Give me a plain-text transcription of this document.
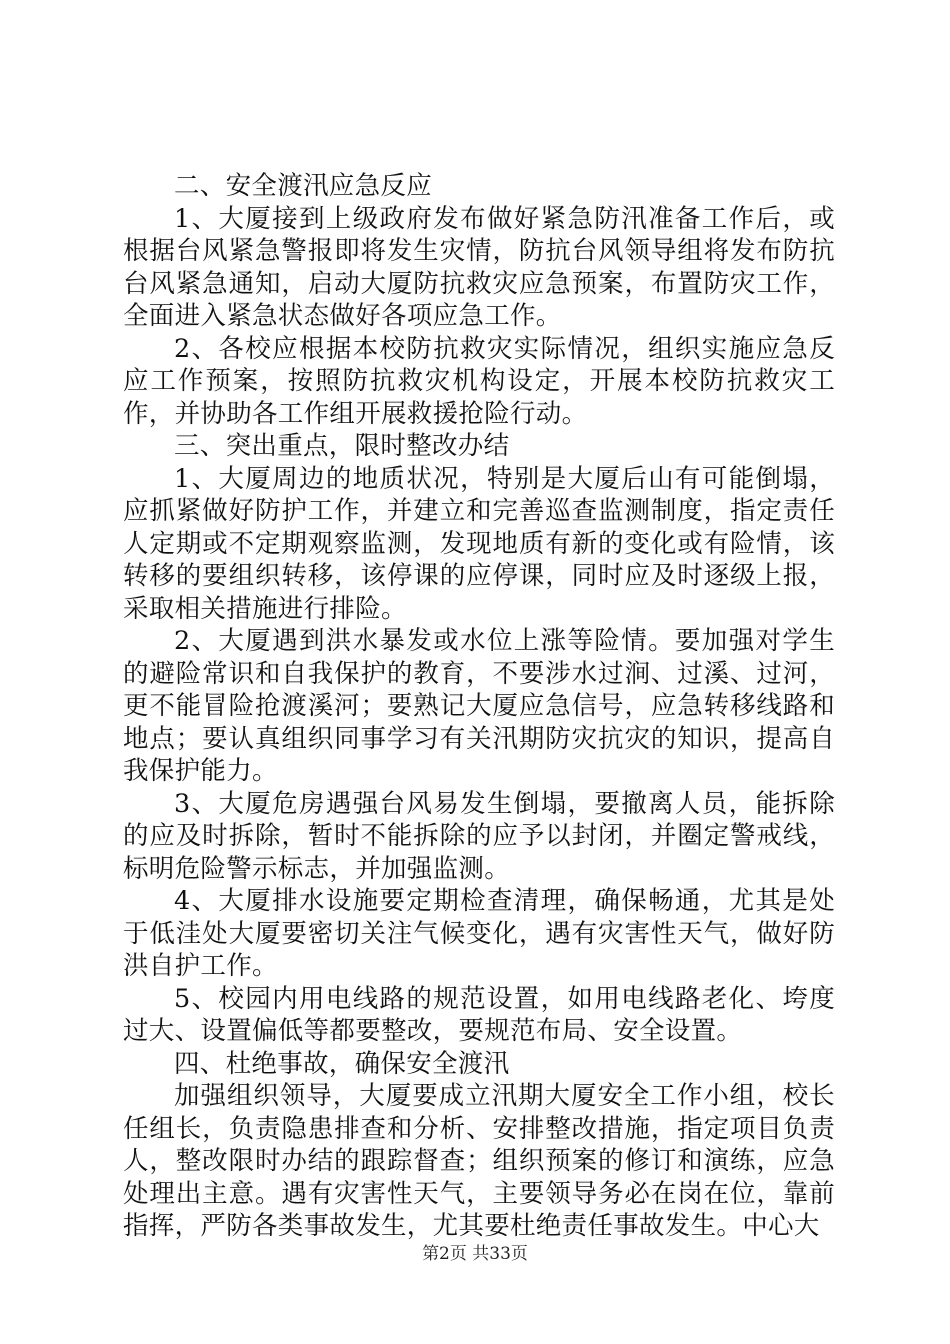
二、安全渡汛应急反应

1、大厦接到上级政府发布做好紧急防汛准备工作后，或根据台风紧急警报即将发生灾情，防抗台风领导组将发布防抗台风紧急通知，启动大厦防抗救灾应急预案，布置防灾工作，全面进入紧急状态做好各项应急工作。

2、各校应根据本校防抗救灾实际情况，组织实施应急反应工作预案，按照防抗救灾机构设定，开展本校防抗救灾工作，并协助各工作组开展救援抢险行动。

三、突出重点，限时整改办结

1、大厦周边的地质状况，特别是大厦后山有可能倒塌，应抓紧做好防护工作，并建立和完善巡查监测制度，指定责任人定期或不定期观察监测，发现地质有新的变化或有险情，该转移的要组织转移，该停课的应停课，同时应及时逐级上报，采取相关措施进行排险。

2、大厦遇到洪水暴发或水位上涨等险情。要加强对学生的避险常识和自我保护的教育，不要涉水过涧、过溪、过河，更不能冒险抢渡溪河；要熟记大厦应急信号，应急转移线路和地点；要认真组织同事学习有关汛期防灾抗灾的知识，提高自我保护能力。

3、大厦危房遇强台风易发生倒塌，要撤离人员，能拆除的应及时拆除，暂时不能拆除的应予以封闭，并圈定警戒线，标明危险警示标志，并加强监测。

4、大厦排水设施要定期检查清理，确保畅通，尤其是处于低洼处大厦要密切关注气候变化，遇有灾害性天气，做好防洪自护工作。

5、校园内用电线路的规范设置，如用电线路老化、垮度过大、设置偏低等都要整改，要规范布局、安全设置。

四、杜绝事故，确保安全渡汛

加强组织领导，大厦要成立汛期大厦安全工作小组，校长任组长，负责隐患排查和分析、安排整改措施，指定项目负责人，整改限时办结的跟踪督查；组织预案的修订和演练，应急处理出主意。遇有灾害性天气，主要领导务必在岗在位，靠前指挥，严防各类事故发生，尤其要杜绝责任事故发生。中心大

第2页 共33页
